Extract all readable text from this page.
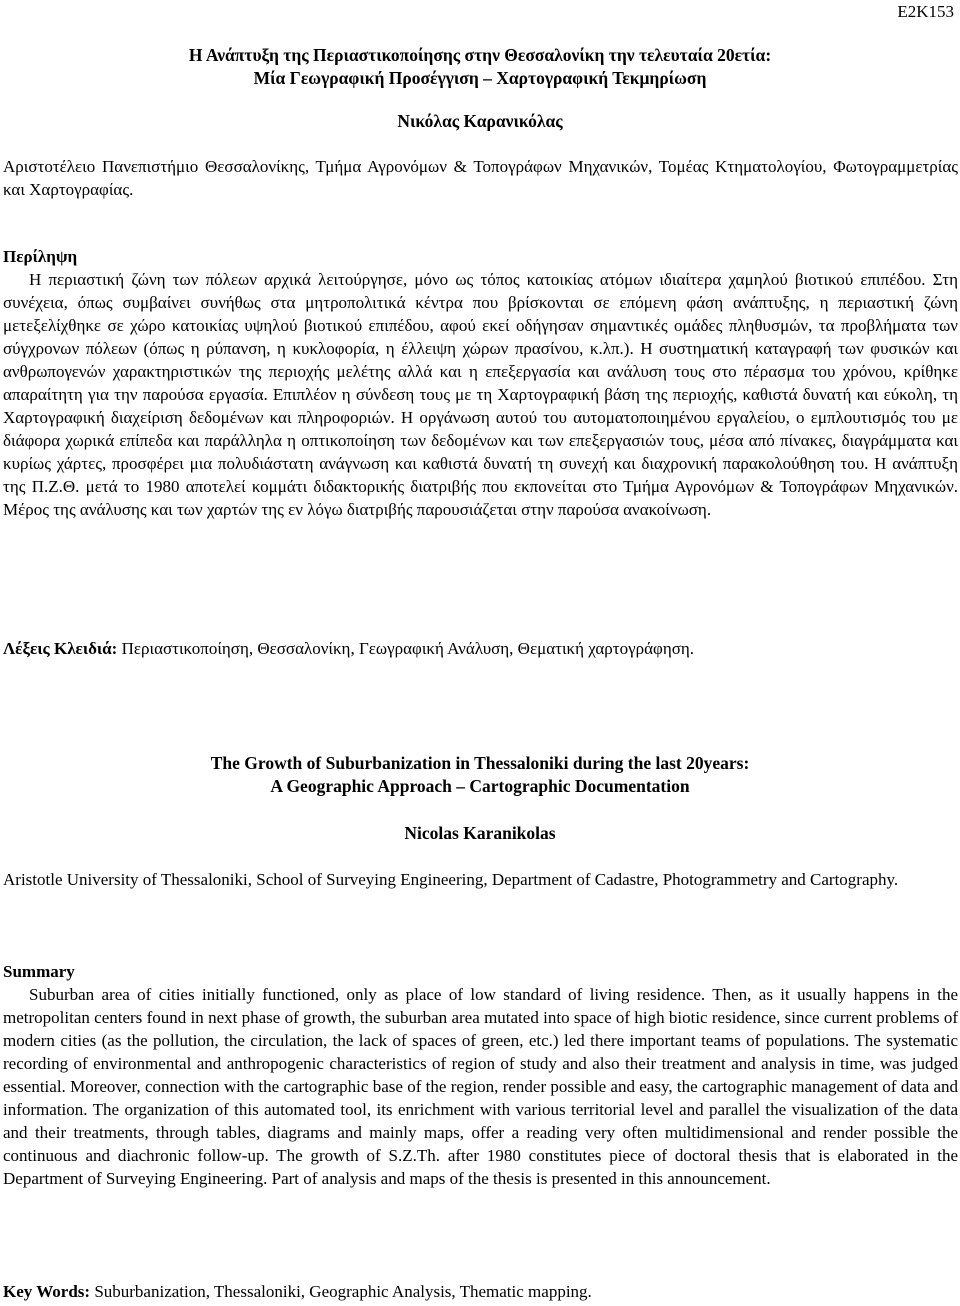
E2K153
Η Ανάπτυξη της Περιαστικοποίησης στην Θεσσαλονίκη την τελευταία 20ετία:
Μία Γεωγραφική Προσέγγιση – Χαρτογραφική Τεκμηρίωση
Νικόλας Καρανικόλας
Αριστοτέλειο Πανεπιστήμιο Θεσσαλονίκης, Τμήμα Αγρονόμων & Τοπογράφων Μηχανικών, Τομέας Κτηματολογίου, Φωτογραμμετρίας και Χαρτογραφίας.
Περίληψη
Η περιαστική ζώνη των πόλεων αρχικά λειτούργησε, μόνο ως τόπος κατοικίας ατόμων ιδιαίτερα χαμηλού βιοτικού επιπέδου. Στη συνέχεια, όπως συμβαίνει συνήθως στα μητροπολιτικά κέντρα που βρίσκονται σε επόμενη φάση ανάπτυξης, η περιαστική ζώνη μετεξελίχθηκε σε χώρο κατοικίας υψηλού βιοτικού επιπέδου, αφού εκεί οδήγησαν σημαντικές ομάδες πληθυσμών, τα προβλήματα των σύγχρονων πόλεων (όπως η ρύπανση, η κυκλοφορία, η έλλειψη χώρων πρασίνου, κ.λπ.). Η συστηματική καταγραφή των φυσικών και ανθρωπογενών χαρακτηριστικών της περιοχής μελέτης αλλά και η επεξεργασία και ανάλυση τους στο πέρασμα του χρόνου, κρίθηκε απαραίτητη για την παρούσα εργασία. Επιπλέον η σύνδεση τους με τη Χαρτογραφική βάση της περιοχής, καθιστά δυνατή και εύκολη, τη Χαρτογραφική διαχείριση δεδομένων και πληροφοριών. Η οργάνωση αυτού του αυτοματοποιημένου εργαλείου, ο εμπλουτισμός του με διάφορα χωρικά επίπεδα και παράλληλα η οπτικοποίηση των δεδομένων και των επεξεργασιών τους, μέσα από πίνακες, διαγράμματα και κυρίως χάρτες, προσφέρει μια πολυδιάστατη ανάγνωση και καθιστά δυνατή τη συνεχή και διαχρονική παρακολούθηση του. Η ανάπτυξη της Π.Ζ.Θ. μετά το 1980 αποτελεί κομμάτι διδακτορικής διατριβής που εκπονείται στο Τμήμα Αγρονόμων & Τοπογράφων Μηχανικών. Μέρος της ανάλυσης και των χαρτών της εν λόγω διατριβής παρουσιάζεται στην παρούσα ανακοίνωση.
Λέξεις Κλειδιά: Περιαστικοποίηση, Θεσσαλονίκη, Γεωγραφική Ανάλυση, Θεματική χαρτογράφηση.
The Growth of Suburbanization in Thessaloniki during the last 20years:
A Geographic Approach – Cartographic Documentation
Nicolas Karanikolas
Aristotle University of Thessaloniki, School of Surveying Engineering, Department of Cadastre, Photogrammetry and Cartography.
Summary
Suburban area of cities initially functioned, only as place of low standard of living residence. Then, as it usually happens in the metropolitan centers found in next phase of growth, the suburban area mutated into space of high biotic residence, since current problems of modern cities (as the pollution, the circulation, the lack of spaces of green, etc.) led there important teams of populations. The systematic recording of environmental and anthropogenic characteristics of region of study and also their treatment and analysis in time, was judged essential. Moreover, connection with the cartographic base of the region, render possible and easy, the cartographic management of data and information. The organization of this automated tool, its enrichment with various territorial level and parallel the visualization of the data and their treatments, through tables, diagrams and mainly maps, offer a reading very often multidimensional and render possible the continuous and diachronic follow-up. The growth of S.Z.Th. after 1980 constitutes piece of doctoral thesis that is elaborated in the Department of Surveying Engineering. Part of analysis and maps of the thesis is presented in this announcement.
Key Words: Suburbanization, Thessaloniki, Geographic Analysis, Thematic mapping.
